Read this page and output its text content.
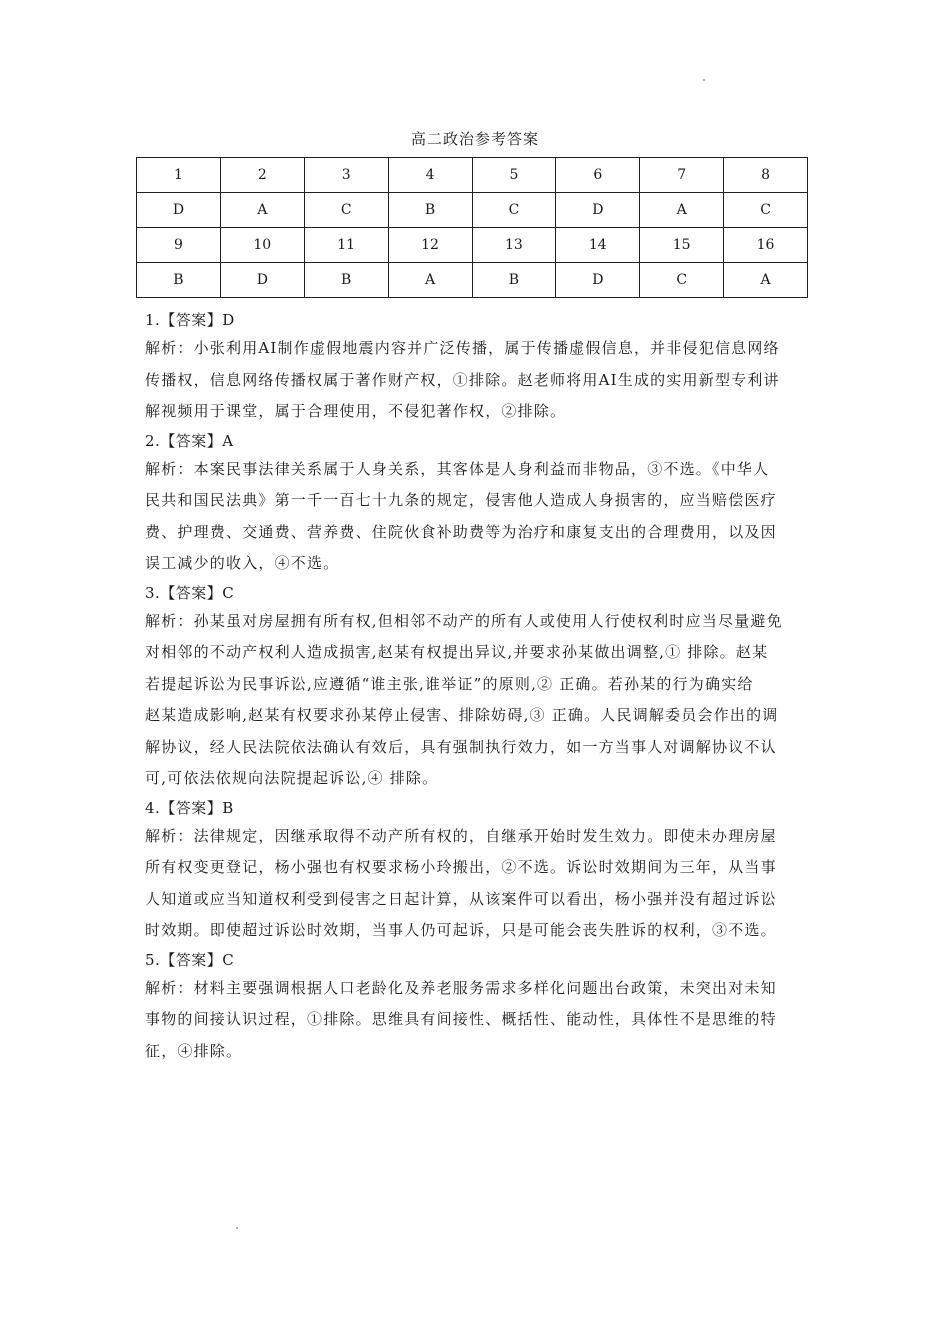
高二政治参考答案
1	2	3	4	5	6	7	8
D	A	C	B	C	D	A	C
9	10	11	12	13	14	15	16
B	D	B	A	B	D	C	A
1.【答案】D
解析：小张利用AI制作虚假地震内容并广泛传播，属于传播虚假信息，并非侵犯信息网络
传播权，信息网络传播权属于著作财产权，①排除。赵老师将用AI生成的实用新型专利讲
解视频用于课堂，属于合理使用，不侵犯著作权，②排除。
2.【答案】A
解析：本案民事法律关系属于人身关系，其客体是人身利益而非物品，③不选。《中华人
民共和国民法典》第一千一百七十九条的规定，侵害他人造成人身损害的，应当赔偿医疗
费、护理费、交通费、营养费、住院伙食补助费等为治疗和康复支出的合理费用，以及因
误工减少的收入，④不选。
3.【答案】C
解析：孙某虽对房屋拥有所有权,但相邻不动产的所有人或使用人行使权利时应当尽量避免
对相邻的不动产权利人造成损害,赵某有权提出异议,并要求孙某做出调整,① 排除。赵某
若提起诉讼为民事诉讼,应遵循“谁主张,谁举证”的原则,② 正确。若孙某的行为确实给
赵某造成影响,赵某有权要求孙某停止侵害、排除妨碍,③ 正确。人民调解委员会作出的调
解协议，经人民法院依法确认有效后，具有强制执行效力，如一方当事人对调解协议不认
可,可依法依规向法院提起诉讼,④ 排除。
4.【答案】B
解析：法律规定，因继承取得不动产所有权的，自继承开始时发生效力。即使未办理房屋
所有权变更登记，杨小强也有权要求杨小玲搬出，②不选。诉讼时效期间为三年，从当事
人知道或应当知道权利受到侵害之日起计算，从该案件可以看出，杨小强并没有超过诉讼
时效期。即使超过诉讼时效期，当事人仍可起诉，只是可能会丧失胜诉的权利，③不选。
5.【答案】C
解析：材料主要强调根据人口老龄化及养老服务需求多样化问题出台政策，未突出对未知
事物的间接认识过程，①排除。思维具有间接性、概括性、能动性，具体性不是思维的特
征，④排除。
